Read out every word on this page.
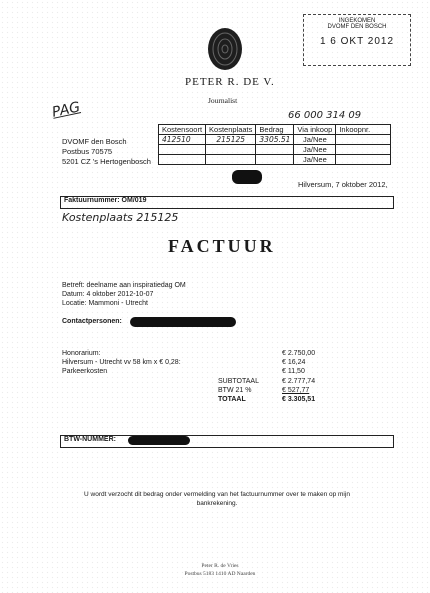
INGEKOMEN
DVOMF DEN BOSCH
1 6 OKT 2012
PETER R. DE V.
Journalist
PAG	66 000 314 09
DVOMF den Bosch
Postbus 70575
5201 CZ 's Hertogenbosch
Kostensoort	Kostenplaats	Bedrag	Via inkoop	Inkoopnr.
412510	215125	3305.51	Ja/Nee	
			Ja/Nee	
			Ja/Nee	
Hilversum, 7 oktober 2012,
Faktuurnummer: OM/019
Kostenplaats 215125
FACTUUR
Betreft: deelname aan inspiratiedag OM
Datum: 4 oktober 2012-10-07
Locatie: Mammoni - Utrecht
Contactpersonen:
Honorarium:	€ 2.750,00
Hilversum - Utrecht vv 58 km x € 0,28:	€ 16,24
Parkeerkosten	€ 11,50
SUBTOTAAL	€ 2.777,74
BTW 21 %	€ 527,77
TOTAAL	€ 3.305,51
BTW-NUMMER:
U wordt verzocht dit bedrag onder vermelding van het factuurnummer over te maken op mijn bankrekening.
Peter R. de Vries
Postbus 5183 1410 AD Naarden
